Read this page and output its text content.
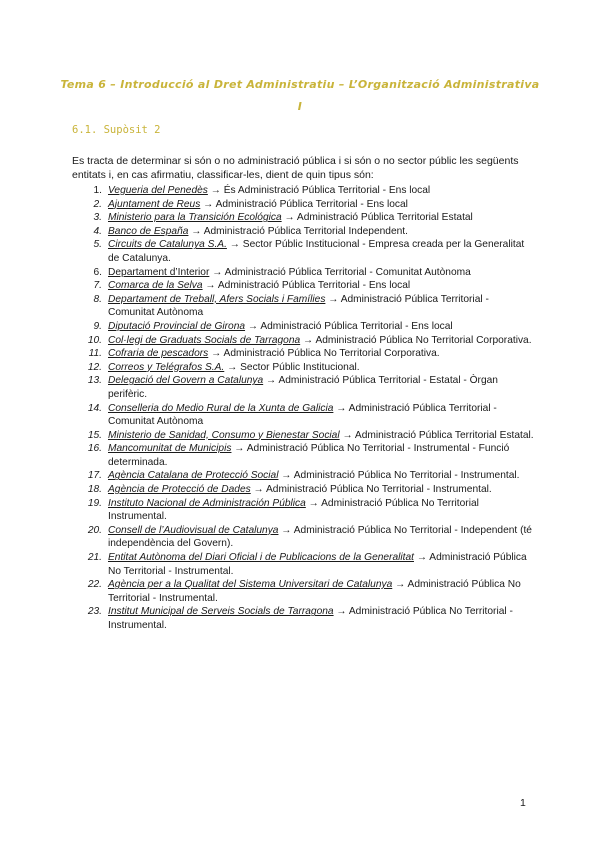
Tema 6 – Introducció al Dret Administratiu – L’Organització Administrativa I
6.1. Supòsit 2

Es tracta de determinar si són o no administració pública i si són o no sector públic les següents entitats i, en cas afirmatiu, classificar-les, dient de quin tipus són:

1. Vegueria del Penedès → És Administració Pública Territorial - Ens local
2. Ajuntament de Reus → Administració Pública Territorial - Ens local
3. Ministerio para la Transición Ecológica → Administració Pública Territorial Estatal
4. Banco de España → Administració Pública Territorial Independent.
5. Circuits de Catalunya S.A. → Sector Públic Institucional - Empresa creada per la Generalitat de Catalunya.
6. Departament d’Interior → Administració Pública Territorial - Comunitat Autònoma
7. Comarca de la Selva → Administració Pública Territorial - Ens local
8. Departament de Treball, Afers Socials i Famílies → Administració Pública Territorial - Comunitat Autònoma
9. Diputació Provincial de Girona → Administració Pública Territorial - Ens local
10. Col·legi de Graduats Socials de Tarragona → Administració Pública No Territorial Corporativa.
11. Cofraria de pescadors → Administració Pública No Territorial Corporativa.
12. Correos y Telégrafos S.A. → Sector Públic Institucional.
13. Delegació del Govern a Catalunya → Administració Pública Territorial - Estatal - Òrgan perifèric.
14. Conselleria do Medio Rural de la Xunta de Galicia → Administració Pública Territorial - Comunitat Autònoma
15. Ministerio de Sanidad, Consumo y Bienestar Social → Administració Pública Territorial Estatal.
16. Mancomunitat de Municipis → Administració Pública No Territorial - Instrumental - Funció determinada.
17. Agència Catalana de Protecció Social → Administració Pública No Territorial - Instrumental.
18. Agència de Protecció de Dades → Administració Pública No Territorial - Instrumental.
19. Instituto Nacional de Administración Pública → Administració Pública No Territorial Instrumental.
20. Consell de l’Audiovisual de Catalunya → Administració Pública No Territorial - Independent (té independència del Govern).
21. Entitat Autònoma del Diari Oficial i de Publicacions de la Generalitat → Administració Pública No Territorial - Instrumental.
22. Agència per a la Qualitat del Sistema Universitari de Catalunya → Administració Pública No Territorial - Instrumental.
23. Institut Municipal de Serveis Socials de Tarragona → Administració Pública No Territorial - Instrumental.
1
